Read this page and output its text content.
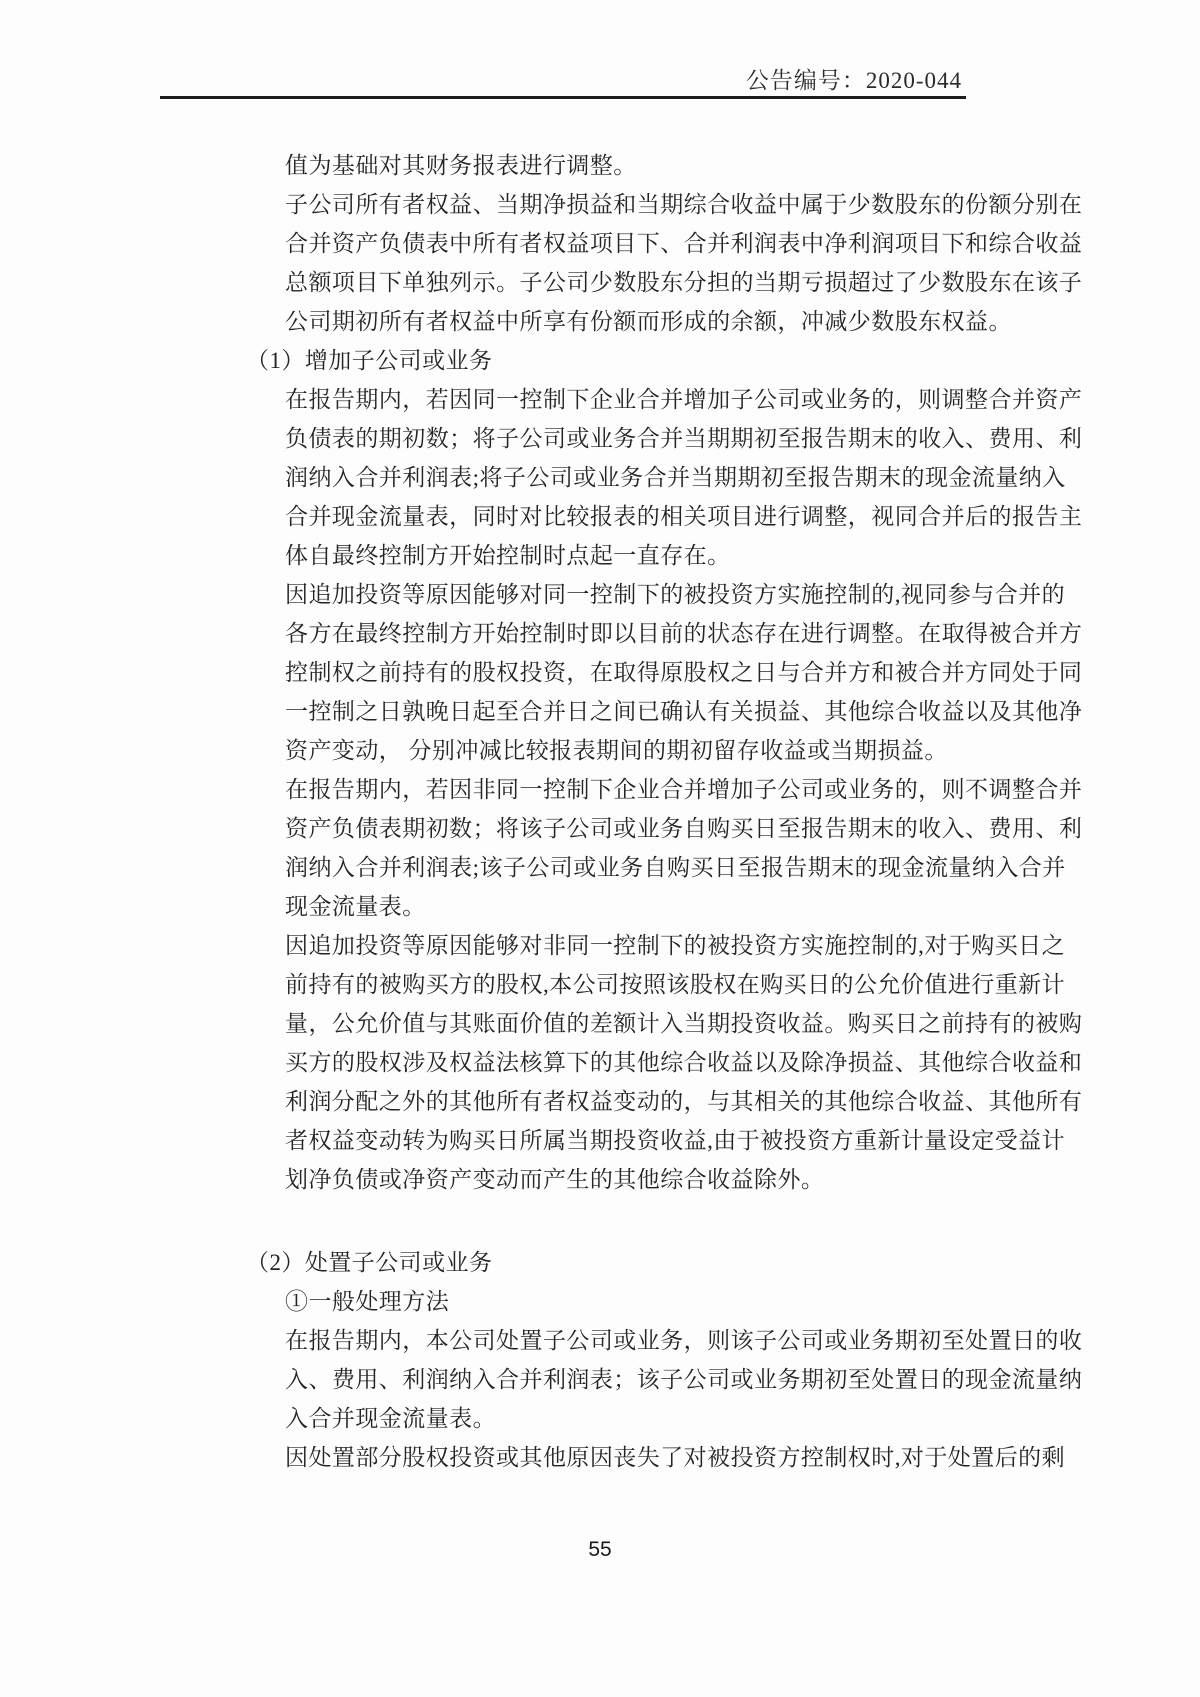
公告编号：2020-044
值为基础对其财务报表进行调整。
子公司所有者权益、当期净损益和当期综合收益中属于少数股东的份额分别在
合并资产负债表中所有者权益项目下、合并利润表中净利润项目下和综合收益
总额项目下单独列示。子公司少数股东分担的当期亏损超过了少数股东在该子
公司期初所有者权益中所享有份额而形成的余额，冲减少数股东权益。
（1）增加子公司或业务
在报告期内，若因同一控制下企业合并增加子公司或业务的，则调整合并资产
负债表的期初数；将子公司或业务合并当期期初至报告期末的收入、费用、利
润纳入合并利润表;将子公司或业务合并当期期初至报告期末的现金流量纳入
合并现金流量表，同时对比较报表的相关项目进行调整，视同合并后的报告主
体自最终控制方开始控制时点起一直存在。
因追加投资等原因能够对同一控制下的被投资方实施控制的,视同参与合并的
各方在最终控制方开始控制时即以目前的状态存在进行调整。在取得被合并方
控制权之前持有的股权投资，在取得原股权之日与合并方和被合并方同处于同
一控制之日孰晚日起至合并日之间已确认有关损益、其他综合收益以及其他净
资产变动， 分别冲减比较报表期间的期初留存收益或当期损益。
在报告期内，若因非同一控制下企业合并增加子公司或业务的，则不调整合并
资产负债表期初数；将该子公司或业务自购买日至报告期末的收入、费用、利
润纳入合并利润表;该子公司或业务自购买日至报告期末的现金流量纳入合并
现金流量表。
因追加投资等原因能够对非同一控制下的被投资方实施控制的,对于购买日之
前持有的被购买方的股权,本公司按照该股权在购买日的公允价值进行重新计
量，公允价值与其账面价值的差额计入当期投资收益。购买日之前持有的被购
买方的股权涉及权益法核算下的其他综合收益以及除净损益、其他综合收益和
利润分配之外的其他所有者权益变动的，与其相关的其他综合收益、其他所有
者权益变动转为购买日所属当期投资收益,由于被投资方重新计量设定受益计
划净负债或净资产变动而产生的其他综合收益除外。
（2）处置子公司或业务
①一般处理方法
在报告期内，本公司处置子公司或业务，则该子公司或业务期初至处置日的收
入、费用、利润纳入合并利润表；该子公司或业务期初至处置日的现金流量纳
入合并现金流量表。
因处置部分股权投资或其他原因丧失了对被投资方控制权时,对于处置后的剩
55
